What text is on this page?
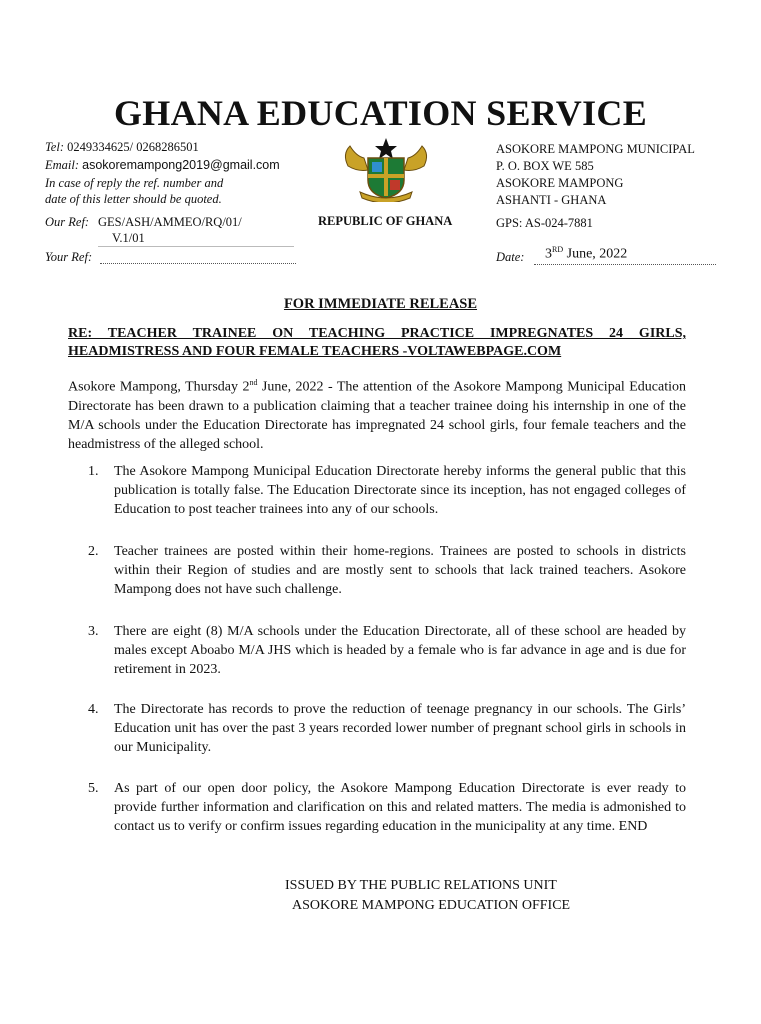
GHANA EDUCATION SERVICE
Tel: 0249334625/ 0268286501
Email: asokoremampong2019@gmail.com
In case of reply the ref. number and
date of this letter should be quoted.
Our Ref: GES/ASH/AMMEO/RQ/01/
V.1/01
Your Ref:
REPUBLIC OF GHANA
ASOKORE MAMPONG MUNICIPAL
P. O. BOX WE 585
ASOKORE MAMPONG
ASHANTI - GHANA
GPS: AS-024-7881
Date: 3RD June, 2022
FOR IMMEDIATE RELEASE
RE: TEACHER TRAINEE ON TEACHING PRACTICE IMPREGNATES 24 GIRLS, HEADMISTRESS AND FOUR FEMALE TEACHERS -VOLTAWEBPAGE.COM
Asokore Mampong, Thursday 2nd June, 2022 - The attention of the Asokore Mampong Municipal Education Directorate has been drawn to a publication claiming that a teacher trainee doing his internship in one of the M/A schools under the Education Directorate has impregnated 24 school girls, four female teachers and the headmistress of the alleged school.
1. The Asokore Mampong Municipal Education Directorate hereby informs the general public that this publication is totally false. The Education Directorate since its inception, has not engaged colleges of Education to post teacher trainees into any of our schools.
2. Teacher trainees are posted within their home-regions. Trainees are posted to schools in districts within their Region of studies and are mostly sent to schools that lack trained teachers. Asokore Mampong does not have such challenge.
3. There are eight (8) M/A schools under the Education Directorate, all of these school are headed by males except Aboabo M/A JHS which is headed by a female who is far advance in age and is due for retirement in 2023.
4. The Directorate has records to prove the reduction of teenage pregnancy in our schools. The Girls’ Education unit has over the past 3 years recorded lower number of pregnant school girls in schools in our Municipality.
5. As part of our open door policy, the Asokore Mampong Education Directorate is ever ready to provide further information and clarification on this and related matters. The media is admonished to contact us to verify or confirm issues regarding education in the municipality at any time. END
ISSUED BY THE PUBLIC RELATIONS UNIT
ASOKORE MAMPONG EDUCATION OFFICE
